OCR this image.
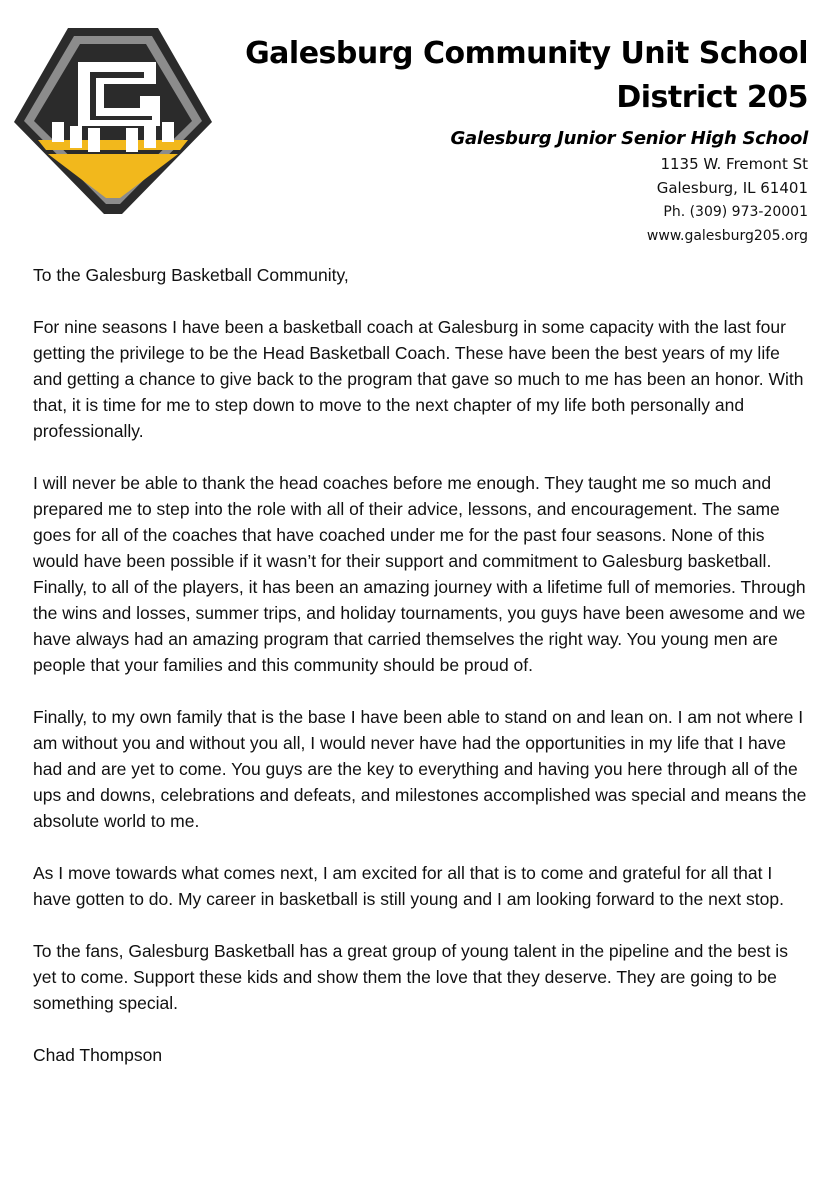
Galesburg Community Unit School
District 205
Galesburg Junior Senior High School
1135 W. Fremont St
Galesburg, IL 61401
Ph. (309) 973-20001
www.galesburg205.org

To the Galesburg Basketball Community,

For nine seasons I have been a basketball coach at Galesburg in some capacity with the last four getting the privilege to be the Head Basketball Coach. These have been the best years of my life and getting a chance to give back to the program that gave so much to me has been an honor. With that, it is time for me to step down to move to the next chapter of my life both personally and professionally.

I will never be able to thank the head coaches before me enough. They taught me so much and prepared me to step into the role with all of their advice, lessons, and encouragement. The same goes for all of the coaches that have coached under me for the past four seasons. None of this would have been possible if it wasn’t for their support and commitment to Galesburg basketball. Finally, to all of the players, it has been an amazing journey with a lifetime full of memories. Through the wins and losses, summer trips, and holiday tournaments, you guys have been awesome and we have always had an amazing program that carried themselves the right way. You young men are people that your families and this community should be proud of.

Finally, to my own family that is the base I have been able to stand on and lean on. I am not where I am without you and without you all, I would never have had the opportunities in my life that I have had and are yet to come. You guys are the key to everything and having you here through all of the ups and downs, celebrations and defeats, and milestones accomplished was special and means the absolute world to me.

As I move towards what comes next, I am excited for all that is to come and grateful for all that I have gotten to do. My career in basketball is still young and I am looking forward to the next stop.

To the fans, Galesburg Basketball has a great group of young talent in the pipeline and the best is yet to come. Support these kids and show them the love that they deserve. They are going to be something special.

Chad Thompson
